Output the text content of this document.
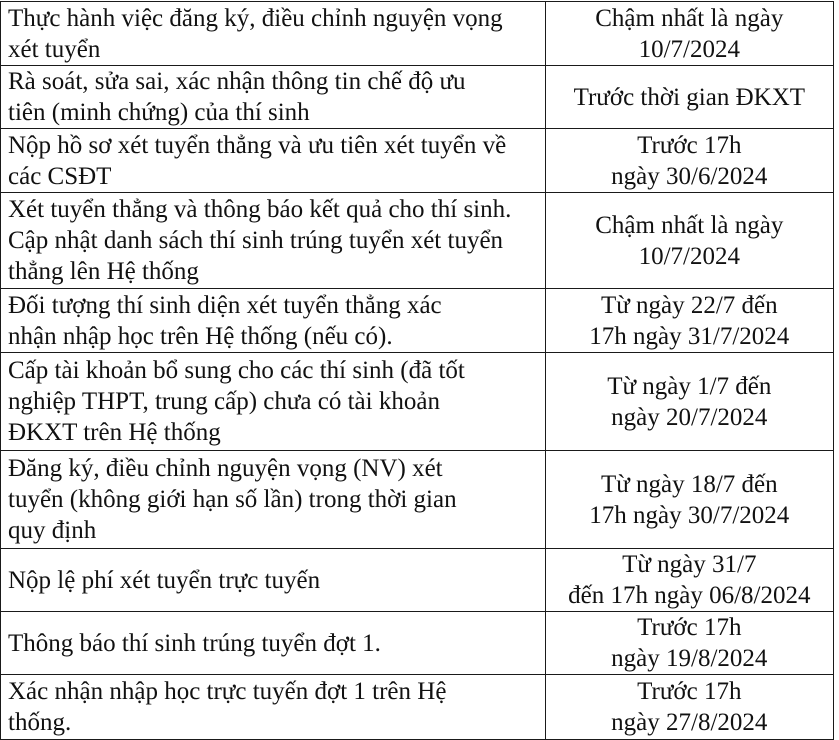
Thực hành việc đăng ký, điều chỉnh nguyện vọng
xét tuyển	Chậm nhất là ngày
10/7/2024

Rà soát, sửa sai, xác nhận thông tin chế độ ưu
tiên (minh chứng) của thí sinh	Trước thời gian ĐKXT

Nộp hồ sơ xét tuyển thẳng và ưu tiên xét tuyển về
các CSĐT	Trước 17h
ngày 30/6/2024

Xét tuyển thẳng và thông báo kết quả cho thí sinh.
Cập nhật danh sách thí sinh trúng tuyển xét tuyển
thẳng lên Hệ thống	Chậm nhất là ngày
10/7/2024

Đối tượng thí sinh diện xét tuyển thẳng xác
nhận nhập học trên Hệ thống (nếu có).	Từ ngày 22/7 đến
17h ngày 31/7/2024

Cấp tài khoản bổ sung cho các thí sinh (đã tốt
nghiệp THPT, trung cấp) chưa có tài khoản
ĐKXT trên Hệ thống	Từ ngày 1/7 đến
ngày 20/7/2024

Đăng ký, điều chỉnh nguyện vọng (NV) xét
tuyển (không giới hạn số lần) trong thời gian
quy định	Từ ngày 18/7 đến
17h ngày 30/7/2024

Nộp lệ phí xét tuyển trực tuyến	Từ ngày 31/7
đến 17h ngày 06/8/2024

Thông báo thí sinh trúng tuyển đợt 1.	Trước 17h
ngày 19/8/2024

Xác nhận nhập học trực tuyến đợt 1 trên Hệ
thống.	Trước 17h
ngày 27/8/2024
